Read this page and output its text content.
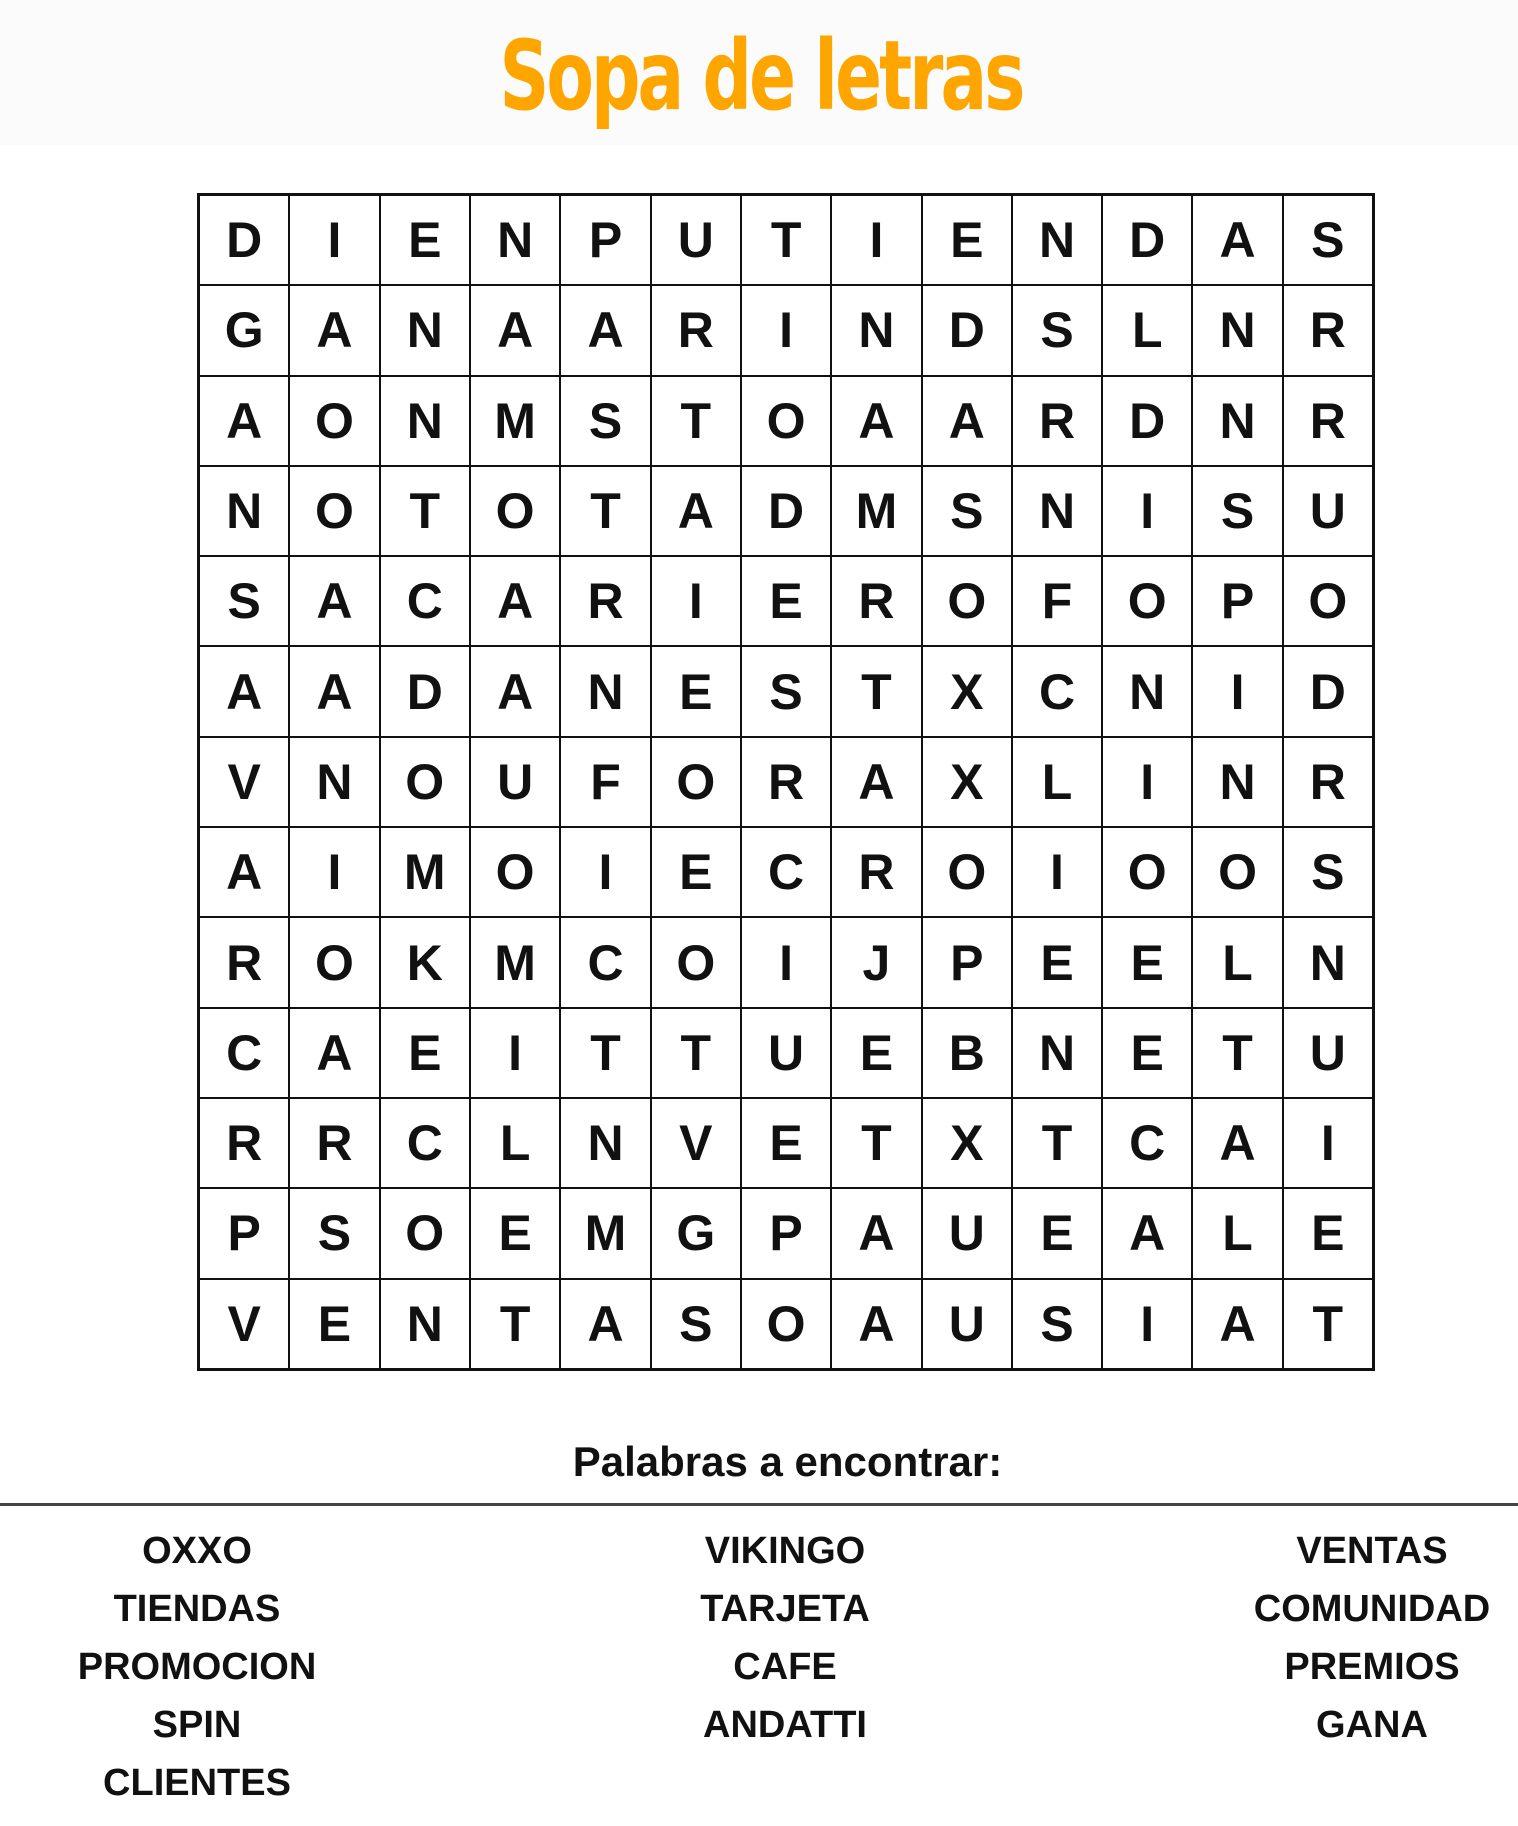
Sopa de letras
D	I	E	N	P	U	T	I	E	N	D	A	S
G	A	N	A	A	R	I	N	D	S	L	N	R
A	O	N	M	S	T	O	A	A	R	D	N	R
N	O	T	O	T	A	D	M	S	N	I	S	U
S	A	C	A	R	I	E	R	O	F	O	P	O
A	A	D	A	N	E	S	T	X	C	N	I	D
V	N	O	U	F	O	R	A	X	L	I	N	R
A	I	M	O	I	E	C	R	O	I	O	O	S
R	O	K	M	C	O	I	J	P	E	E	L	N
C	A	E	I	T	T	U	E	B	N	E	T	U
R	R	C	L	N	V	E	T	X	T	C	A	I
P	S	O	E	M	G	P	A	U	E	A	L	E
V	E	N	T	A	S	O	A	U	S	I	A	T
Palabras a encontrar:
OXXO
TIENDAS
PROMOCION
SPIN
CLIENTES
VIKINGO
TARJETA
CAFE
ANDATTI
VENTAS
COMUNIDAD
PREMIOS
GANA
